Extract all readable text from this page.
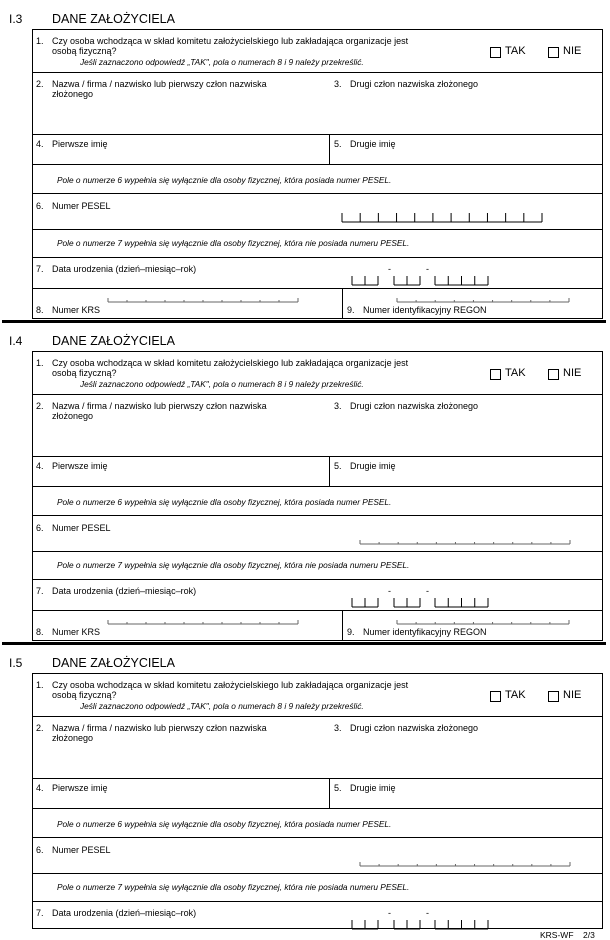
I.3 DANE ZAŁOŻYCIELA
1. Czy osoba wchodząca w skład komitetu założycielskiego lub zakładająca organizacje jest
osobą fizyczną?
Jeśli zaznaczono odpowiedź „TAK", pola o numerach 8 i 9 należy przekreślić.
TAK	NIE
2. Nazwa / firma / nazwisko lub pierwszy człon nazwiska
złożonego
3. Drugi człon nazwiska złożonego
4. Pierwsze imię	5. Drugie imię
Pole o numerze 6 wypełnia się wyłącznie dla osoby fizycznej, która posiada numer PESEL.
6. Numer PESEL
Pole o numerze 7 wypełnia się wyłącznie dla osoby fizycznej, która nie posiada numeru PESEL.
7. Data urodzenia (dzień–miesiąc–rok)	-	-
8. Numer KRS	9. Numer identyfikacyjny REGON
I.4 DANE ZAŁOŻYCIELA
1. Czy osoba wchodząca w skład komitetu założycielskiego lub zakładająca organizacje jest
osobą fizyczną?
Jeśli zaznaczono odpowiedź „TAK", pola o numerach 8 i 9 należy przekreślić.
TAK	NIE
2. Nazwa / firma / nazwisko lub pierwszy człon nazwiska
złożonego
3. Drugi człon nazwiska złożonego
4. Pierwsze imię	5. Drugie imię
Pole o numerze 6 wypełnia się wyłącznie dla osoby fizycznej, która posiada numer PESEL.
6. Numer PESEL
Pole o numerze 7 wypełnia się wyłącznie dla osoby fizycznej, która nie posiada numeru PESEL.
7. Data urodzenia (dzień–miesiąc–rok)	-	-
8. Numer KRS	9. Numer identyfikacyjny REGON
I.5 DANE ZAŁOŻYCIELA
1. Czy osoba wchodząca w skład komitetu założycielskiego lub zakładająca organizacje jest
osobą fizyczną?
Jeśli zaznaczono odpowiedź „TAK", pola o numerach 8 i 9 należy przekreślić.
TAK	NIE
2. Nazwa / firma / nazwisko lub pierwszy człon nazwiska
złożonego
3. Drugi człon nazwiska złożonego
4. Pierwsze imię	5. Drugie imię
Pole o numerze 6 wypełnia się wyłącznie dla osoby fizycznej, która posiada numer PESEL.
6. Numer PESEL
Pole o numerze 7 wypełnia się wyłącznie dla osoby fizycznej, która nie posiada numeru PESEL.
7. Data urodzenia (dzień–miesiąc–rok)	-	-
KRS-WF 2/3
